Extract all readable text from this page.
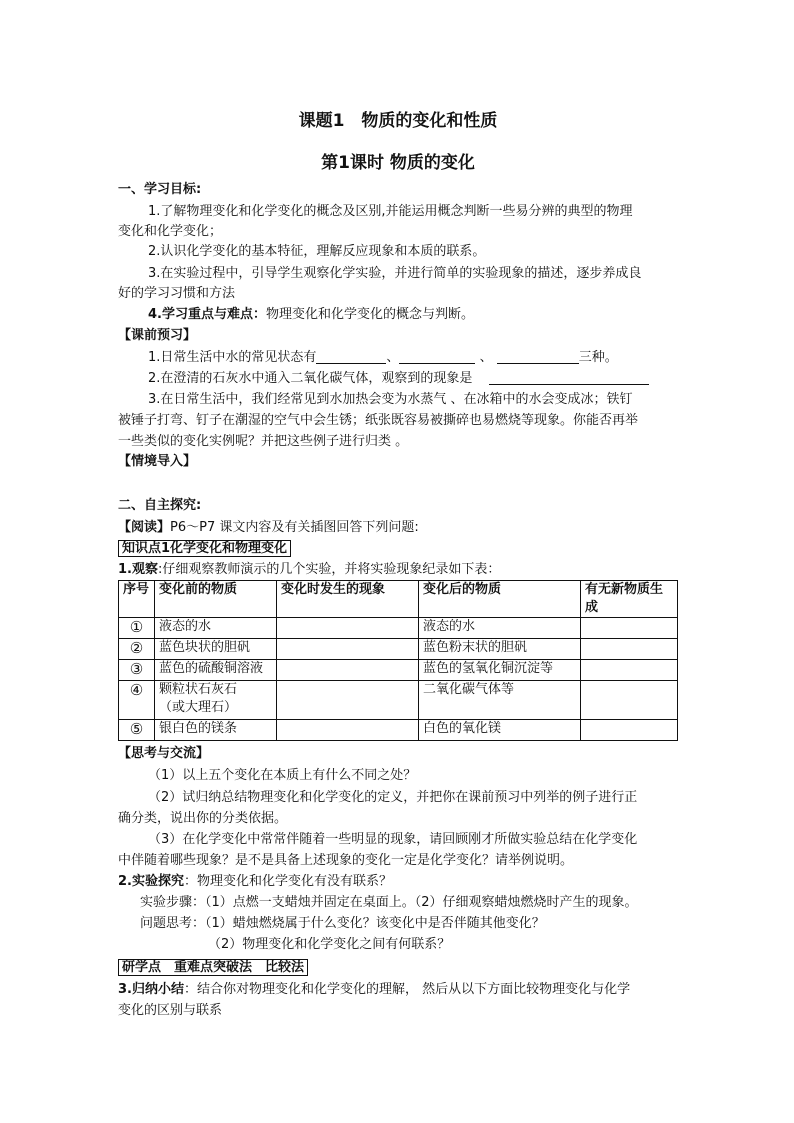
课题1　物质的变化和性质
第1课时 物质的变化
一、学习目标:
1.了解物理变化和化学变化的概念及区别,并能运用概念判断一些易分辨的典型的物理
变化和化学变化；
2.认识化学变化的基本特征，理解反应现象和本质的联系。
3.在实验过程中，引导学生观察化学实验，并进行简单的实验现象的描述，逐步养成良
好的学习习惯和方法
4.学习重点与难点：物理变化和化学变化的概念与判断。
【课前预习】
1.日常生活中水的常见状态有	、	、	三种。
2.在澄清的石灰水中通入二氧化碳气体，观察到的现象是
3.在日常生活中，我们经常见到水加热会变为水蒸气 、在冰箱中的水会变成冰；铁钉
被锤子打弯、钉子在潮湿的空气中会生锈；纸张既容易被撕碎也易燃烧等现象。你能否再举
一些类似的变化实例呢？并把这些例子进行归类 。
【情境导入】
二、自主探究:
【阅读】P6～P7 课文内容及有关插图回答下列问题:
知识点1化学变化和物理变化
1.观察:仔细观察教师演示的几个实验，并将实验现象纪录如下表：
序号	变化前的物质	变化时发生的现象	变化后的物质	有无新物质生成
①	液态的水		液态的水	
②	蓝色块状的胆矾		蓝色粉末状的胆矾	
③	蓝色的硫酸铜溶液		蓝色的氢氧化铜沉淀等	
④	颗粒状石灰石
（或大理石）		二氧化碳气体等	
⑤	银白色的镁条		白色的氧化镁	
【思考与交流】
（1）以上五个变化在本质上有什么不同之处？
（2）试归纳总结物理变化和化学变化的定义，并把你在课前预习中列举的例子进行正
确分类，说出你的分类依据。
（3）在化学变化中常常伴随着一些明显的现象，请回顾刚才所做实验总结在化学变化
中伴随着哪些现象？是不是具备上述现象的变化一定是化学变化？请举例说明。
2.实验探究：物理变化和化学变化有没有联系？
实验步骤：（1）点燃一支蜡烛并固定在桌面上。（2）仔细观察蜡烛燃烧时产生的现象。
问题思考：（1）蜡烛燃烧属于什么变化？该变化中是否伴随其他变化？
（2）物理变化和化学变化之间有何联系？
研学点　重难点突破法　比较法
3.归纳小结：结合你对物理变化和化学变化的理解， 然后从以下方面比较物理变化与化学
变化的区别与联系
